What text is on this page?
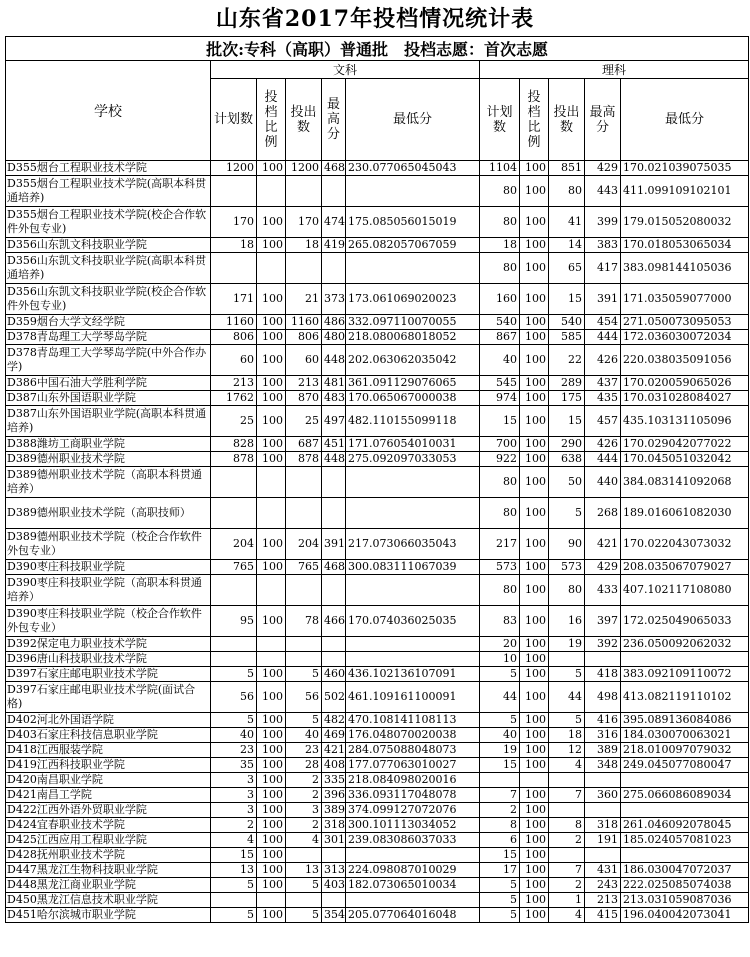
山东省2017年投档情况统计表
批次:专科（高职）普通批　投档志愿：首次志愿										
学校	文科					理科				
	计划数	投档比例	投出数	最高分	最低分	计划数	投档比例	投出数	最高分	最低分
D355烟台工程职业技术学院	1200	100	1200	468	230.077065045043	1104	100	851	429	170.021039075035
D355烟台工程职业技术学院(高职本科贯通培养)						80	100	80	443	411.099109102101
D355烟台工程职业技术学院(校企合作软件外包专业)	170	100	170	474	175.085056015019	80	100	41	399	179.015052080032
D356山东凯文科技职业学院	18	100	18	419	265.082057067059	18	100	14	383	170.018053065034
D356山东凯文科技职业学院(高职本科贯通培养)						80	100	65	417	383.098144105036
D356山东凯文科技职业学院(校企合作软件外包专业)	171	100	21	373	173.061069020023	160	100	15	391	171.035059077000
D359烟台大学文经学院	1160	100	1160	486	332.097110070055	540	100	540	454	271.050073095053
D378青岛理工大学琴岛学院	806	100	806	480	218.080068018052	867	100	585	444	172.036030072034
D378青岛理工大学琴岛学院(中外合作办学)	60	100	60	448	202.063062035042	40	100	22	426	220.038035091056
D386中国石油大学胜利学院	213	100	213	481	361.091129076065	545	100	289	437	170.020059065026
D387山东外国语职业学院	1762	100	870	483	170.065067000038	974	100	175	435	170.031028084027
D387山东外国语职业学院(高职本科贯通培养)	25	100	25	497	482.110155099118	15	100	15	457	435.103131105096
D388潍坊工商职业学院	828	100	687	451	171.076054010031	700	100	290	426	170.029042077022
D389德州职业技术学院	878	100	878	448	275.092097033053	922	100	638	444	170.045051032042
D389德州职业技术学院（高职本科贯通培养）						80	100	50	440	384.083141092068
D389德州职业技术学院（高职技师）						80	100	5	268	189.016061082030
D389德州职业技术学院（校企合作软件外包专业）	204	100	204	391	217.073066035043	217	100	90	421	170.022043073032
D390枣庄科技职业学院	765	100	765	468	300.083111067039	573	100	573	429	208.035067079027
D390枣庄科技职业学院（高职本科贯通培养）						80	100	80	433	407.102117108080
D390枣庄科技职业学院（校企合作软件外包专业）	95	100	78	466	170.074036025035	83	100	16	397	172.025049065033
D392保定电力职业技术学院						20	100	19	392	236.050092062032
D396唐山科技职业技术学院						10	100			
D397石家庄邮电职业技术学院	5	100	5	460	436.102136107091	5	100	5	418	383.092109110072
D397石家庄邮电职业技术学院(面试合格)	56	100	56	502	461.109161100091	44	100	44	498	413.082119110102
D402河北外国语学院	5	100	5	482	470.108141108113	5	100	5	416	395.089136084086
D403石家庄科技信息职业学院	40	100	40	469	176.048070020038	40	100	18	316	184.030070063021
D418江西服装学院	23	100	23	421	284.075088048073	19	100	12	389	218.010097079032
D419江西科技职业学院	35	100	28	408	177.077063010027	15	100	4	348	249.045077080047
D420南昌职业学院	3	100	2	335	218.084098020016					
D421南昌工学院	3	100	2	396	336.093117048078	7	100	7	360	275.066086089034
D422江西外语外贸职业学院	3	100	3	389	374.099127072076	2	100			
D424宜春职业技术学院	2	100	2	318	300.101113034052	8	100	8	318	261.046092078045
D425江西应用工程职业学院	4	100	4	301	239.083086037033	6	100	2	191	185.024057081023
D428抚州职业技术学院	15	100				15	100			
D447黑龙江生物科技职业学院	13	100	13	313	224.098087010029	17	100	7	431	186.030047072037
D448黑龙江商业职业学院	5	100	5	403	182.073065010034	5	100	2	243	222.025085074038
D450黑龙江信息技术职业学院						5	100	1	213	213.031059087036
D451哈尔滨城市职业学院	5	100	5	354	205.077064016048	5	100	4	415	196.040042073041
